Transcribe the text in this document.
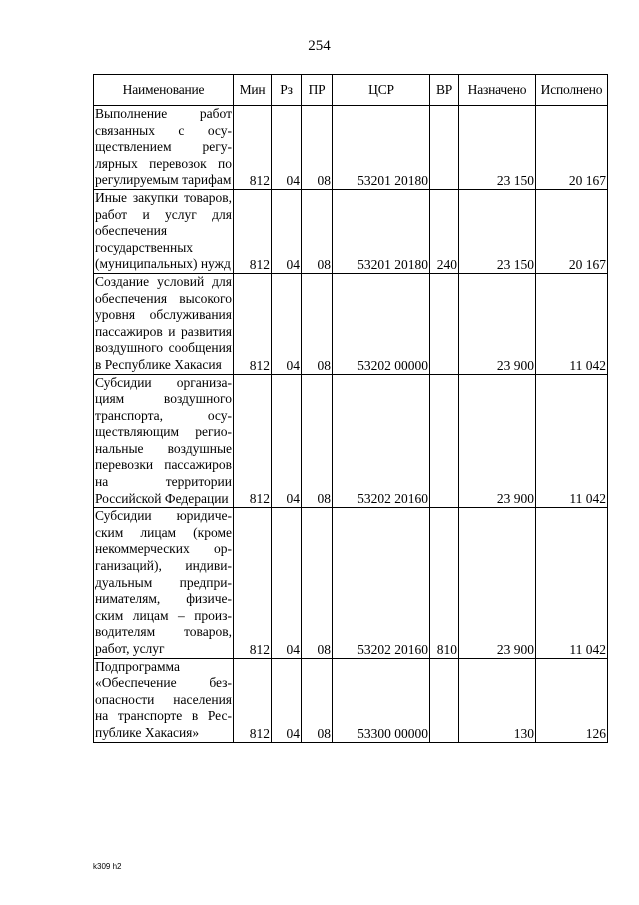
254
Наименование	Мин	Рз	ПР	ЦСР	ВР	Назначено	Исполнено
Выполнение работ связанных с осуществлением регулярных перевозок по регулируемым тарифам	812	04	08	53201 20180		23 150	20 167
Иные закупки товаров, работ и услуг для обеспечения государственных (муниципальных) нужд	812	04	08	53201 20180	240	23 150	20 167
Создание условий для обеспечения высокого уровня обслуживания пассажиров и развития воздушного сообщения в Республике Хакасия	812	04	08	53202 00000		23 900	11 042
Субсидии организациям воздушного транспорта, осуществляющим региональные воздушные перевозки пассажиров на территории Российской Федерации	812	04	08	53202 20160		23 900	11 042
Субсидии юридическим лицам (кроме некоммерческих организаций), индивидуальным предпринимателям, физическим лицам – производителям товаров, работ, услуг	812	04	08	53202 20160	810	23 900	11 042
Подпрограмма «Обеспечение безопасности населения на транспорте в Республике Хакасия»	812	04	08	53300 00000		130	126
k309 h2
